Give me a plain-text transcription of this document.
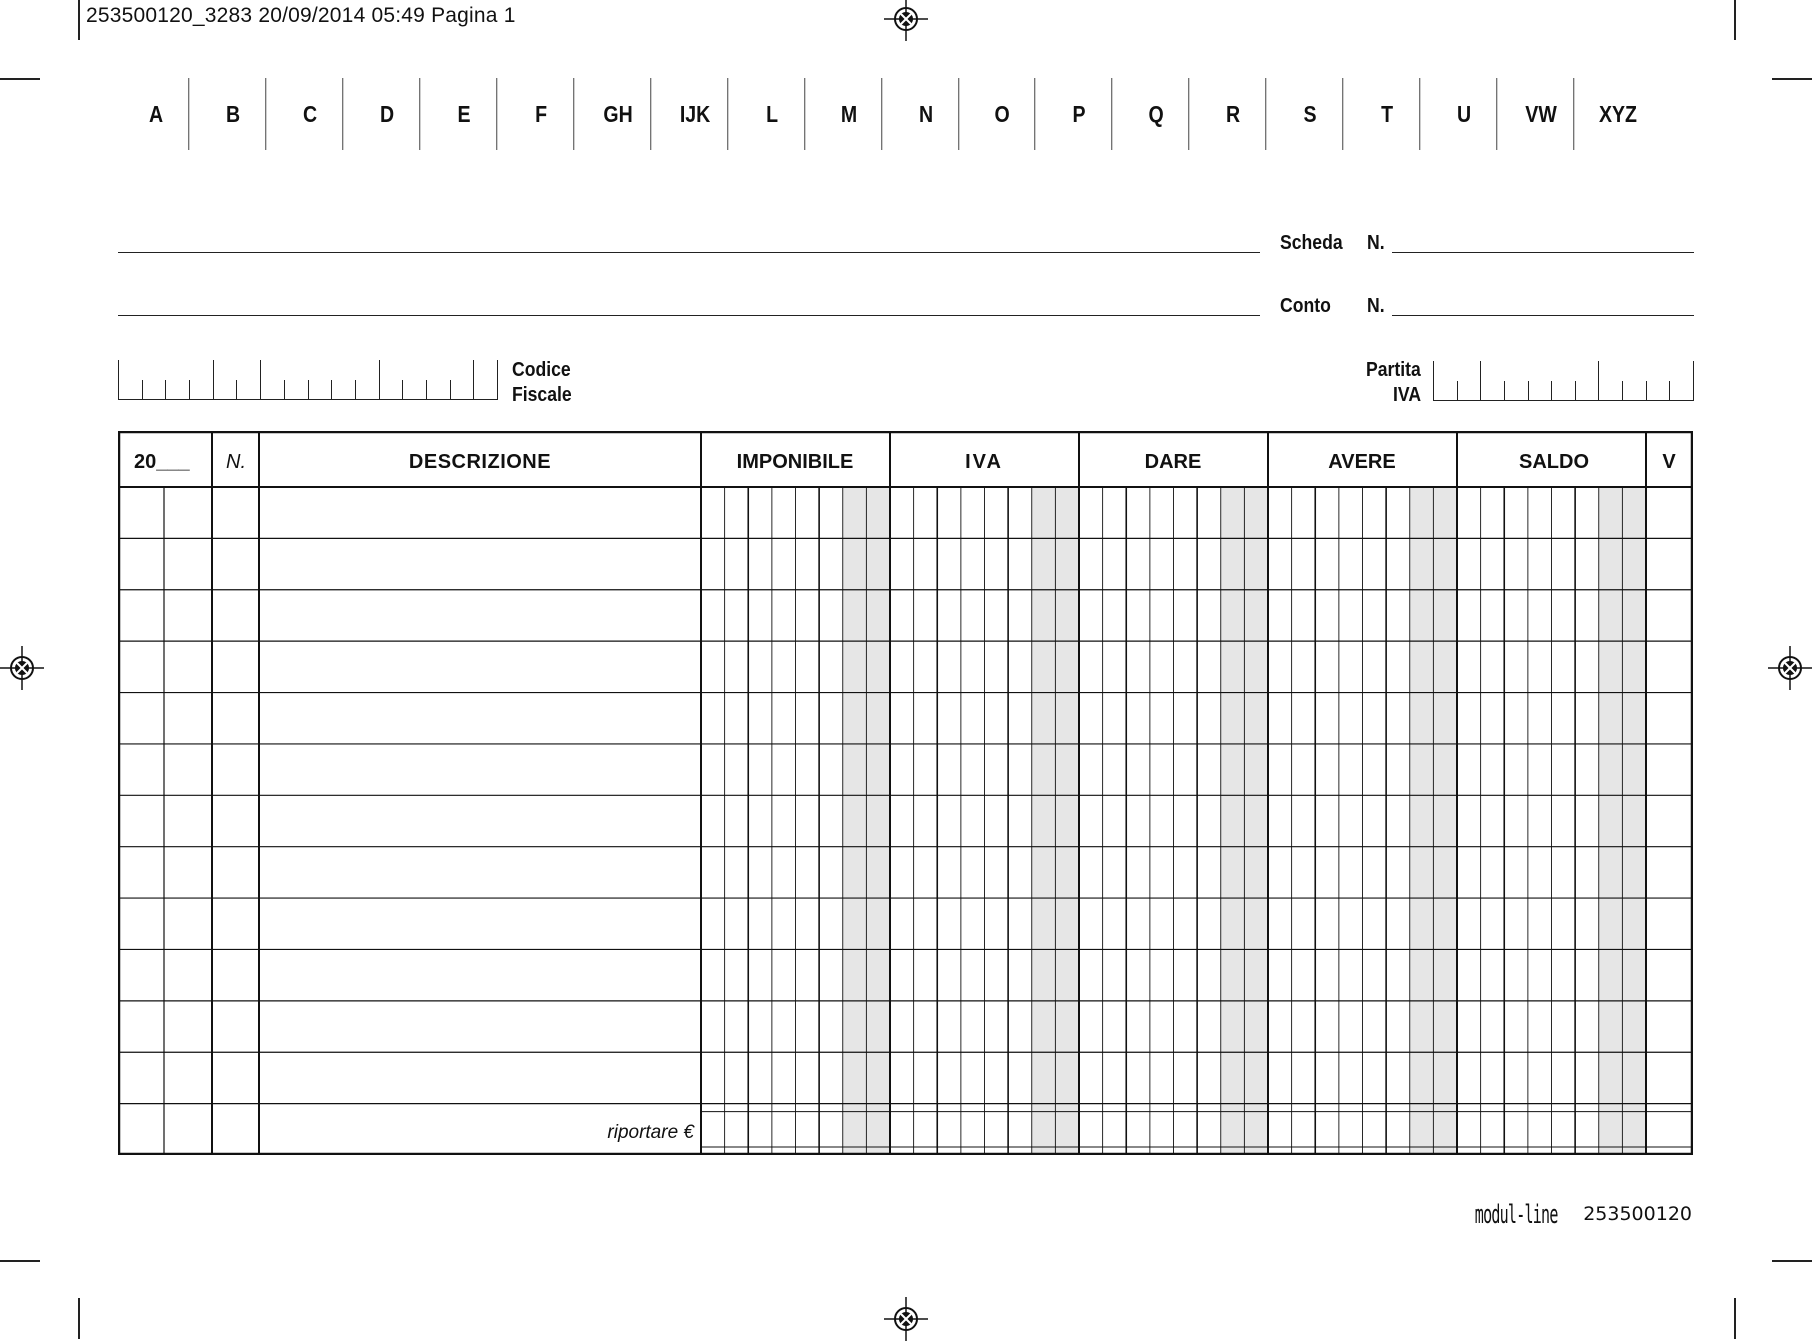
253500120_3283 20/09/2014 05:49 Pagina 1
A	B	C	D	E	F GH IJK L	M	N	O	P	Q	R	S	T	U VW XYZ
Scheda N.
Conto N.
Codice
Fiscale
Partita
IVA
20___ N.	DESCRIZIONE	IMPONIBILE	IVA	DARE	AVERE	SALDO	V
riportare €
modul-line 253500120
